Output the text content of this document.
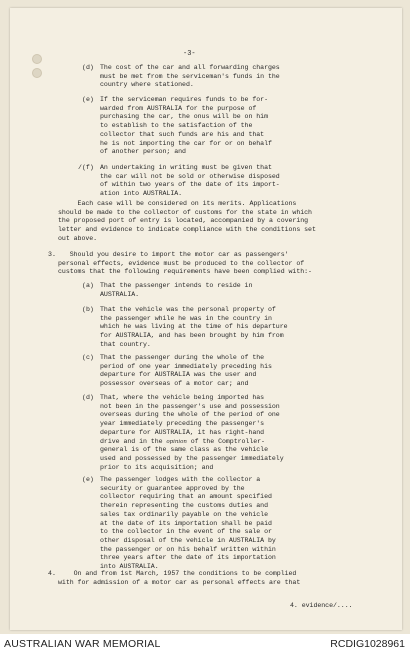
-3-
(d) The cost of the car and all forwarding charges
must be met from the serviceman's funds in the
country where stationed.
(e) If the serviceman requires funds to be for-
warded from AUSTRALIA for the purpose of
purchasing the car, the onus will be on him
to establish to the satisfaction of the
collector that such funds are his and that
he is not importing the car for or on behalf
of another person; and
/(f) An undertaking in writing must be given that
the car will not be sold or otherwise disposed
of within two years of the date of its import-
ation into AUSTRALIA.
Each case will be considered on its merits. Applications
should be made to the collector of customs for the state in which
the proposed port of entry is located, accompanied by a covering
letter and evidence to indicate compliance with the conditions set
out above.
3.	Should you desire to import the motor car as passengers'
personal effects, evidence must be produced to the collector of
customs that the following requirements have been complied with:-
(a) That the passenger intends to reside in
AUSTRALIA.
(b) That the vehicle was the personal property of
the passenger while he was in the country in
which he was living at the time of his departure
for AUSTRALIA, and has been brought by him from
that country.
(c) That the passenger during the whole of the
period of one year immediately preceding his
departure for AUSTRALIA was the user and
possessor overseas of a motor car; and
(d) That, where the vehicle being imported has
not been in the passenger's use and possession
overseas during the whole of the period of one
year immediately preceding the passenger's
departure for AUSTRALIA, it has right-hand
drive and in the opinion of the Comptroller-
general is of the same class as the vehicle
used and possessed by the passenger immediately
prior to its acquisition; and
(e) The passenger lodges with the collector a
security or guarantee approved by the
collector requiring that an amount specified
therein representing the customs duties and
sales tax ordinarily payable on the vehicle
at the date of its importation shall be paid
to the collector in the event of the sale or
other disposal of the vehicle in AUSTRALIA by
the passenger or on his behalf written within
three years after the date of its importation
into AUSTRALIA.
4.	On and from 1st March, 1957 the conditions to be complied
with for admission of a motor car as personal effects are that
4. evidence/....
AUSTRALIAN WAR MEMORIAL	RCDIG1028961
